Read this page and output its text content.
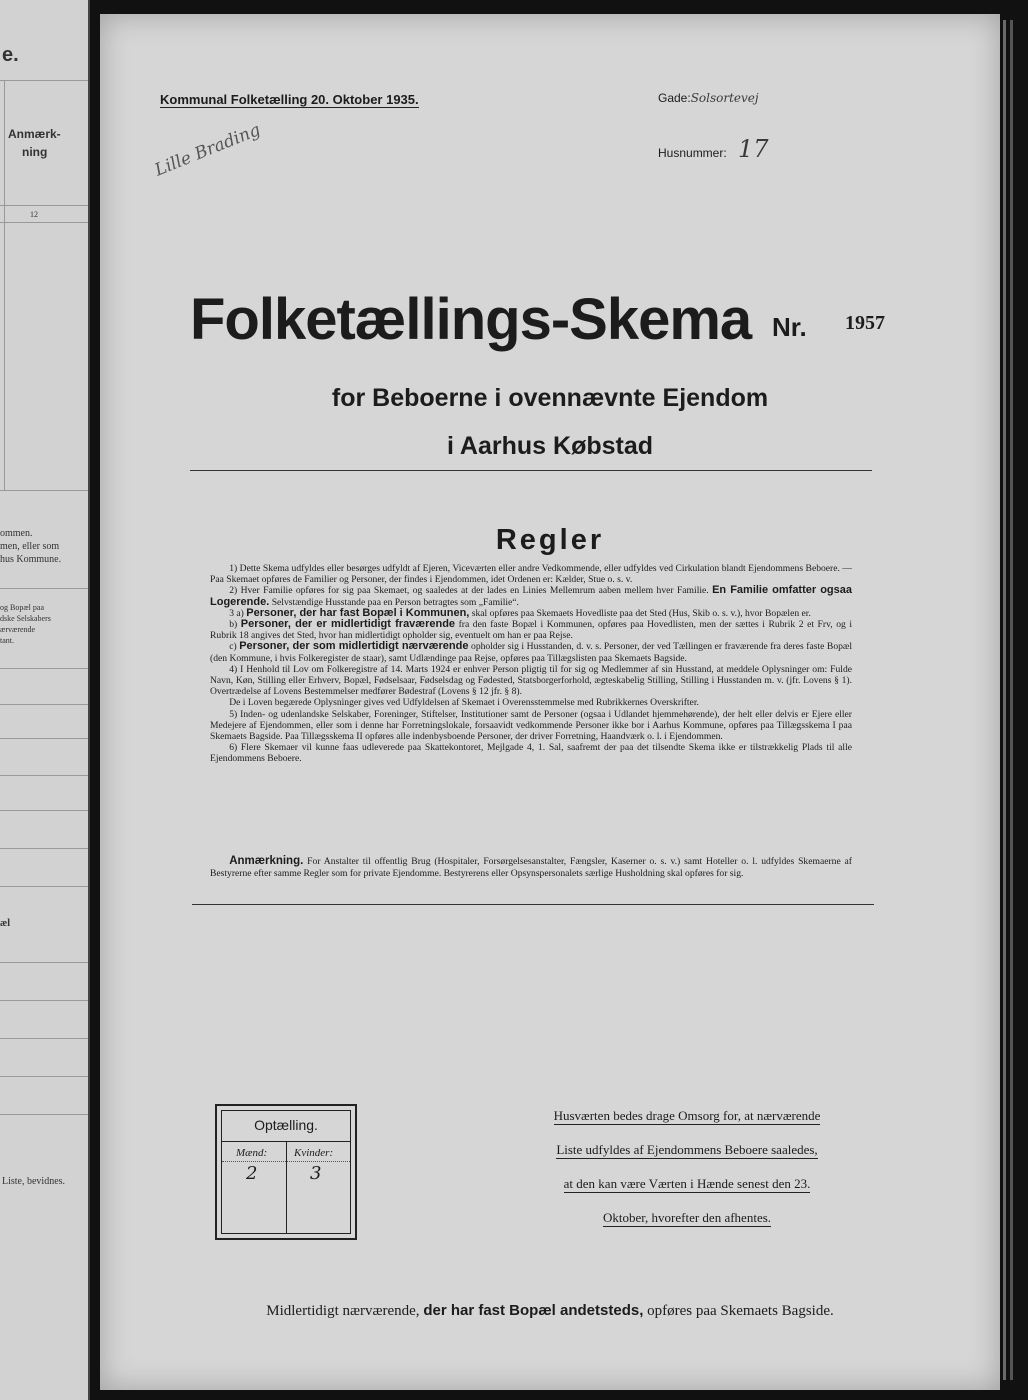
e.
Anmærk-
ning
12
ommen.
men, eller som
hus Kommune.
og Bopæl paa
dske Selskabers
ærværende
tant.
æl
Liste, bevidnes.
Kommunal Folketælling 20. Oktober 1935.	Gade:Solsortevej
Husnummer: 17
Lille Brading
Folketællings-Skema Nr. 1957
for Beboerne i ovennævnte Ejendom
i Aarhus Købstad
Regler

1) Dette Skema udfyldes eller besørges udfyldt af Ejeren, Viceværten eller andre Vedkommende, eller udfyldes ved Cirkulation blandt Ejendommens Beboere. — Paa Skemaet opføres de Familier og Personer, der findes i Ejendommen, idet Ordenen er: Kælder, Stue o. s. v.

2) Hver Familie opføres for sig paa Skemaet, og saaledes at der lades en Linies Mellemrum aaben mellem hver Familie. En Familie omfatter ogsaa Logerende. Selvstændige Husstande paa en Person betragtes som „Familie“.

3 a) Personer, der har fast Bopæl i Kommunen, skal opføres paa Skemaets Hovedliste paa det Sted (Hus, Skib o. s. v.), hvor Bopælen er.

b) Personer, der er midlertidigt fraværende fra den faste Bopæl i Kommunen, opføres paa Hovedlisten, men der sættes i Rubrik 2 et Frv, og i Rubrik 18 angives det Sted, hvor han midlertidigt opholder sig, eventuelt om han er paa Rejse.

c) Personer, der som midlertidigt nærværende opholder sig i Husstanden, d. v. s. Personer, der ved Tællingen er fraværende fra deres faste Bopæl (den Kommune, i hvis Folkeregister de staar), samt Udlændinge paa Rejse, opføres paa Tillægslisten paa Skemaets Bagside.

4) I Henhold til Lov om Folkeregistre af 14. Marts 1924 er enhver Person pligtig til for sig og Medlemmer af sin Husstand, at meddele Oplysninger om: Fulde Navn, Køn, Stilling eller Erhverv, Bopæl, Fødselsaar, Fødselsdag og Fødested, Statsborgerforhold, ægteskabelig Stilling, Stilling i Husstanden m. v. (jfr. Lovens § 1). Overtrædelse af Lovens Bestemmelser medfører Bødestraf (Lovens § 12 jfr. § 8).

De i Loven begærede Oplysninger gives ved Udfyldelsen af Skemaet i Overensstemmelse med Rubrikkernes Overskrifter.

5) Inden- og udenlandske Selskaber, Foreninger, Stiftelser, Institutioner samt de Personer (ogsaa i Udlandet hjemmehørende), der helt eller delvis er Ejere eller Medejere af Ejendommen, eller som i denne har Forretningslokale, forsaavidt vedkommende Personer ikke bor i Aarhus Kommune, opføres paa Tillægsskema I paa Skemaets Bagside. Paa Tillægsskema II opføres alle indenbysboende Personer, der driver Forretning, Haandværk o. l. i Ejendommen.

6) Flere Skemaer vil kunne faas udleverede paa Skattekontoret, Mejlgade 4, 1. Sal, saafremt der paa det tilsendte Skema ikke er tilstrækkelig Plads til alle Ejendommens Beboere.

Anmærkning. For Anstalter til offentlig Brug (Hospitaler, Forsørgelsesanstalter, Fængsler, Kaserner o. s. v.) samt Hoteller o. l. udfyldes Skemaerne af Bestyrerne efter samme Regler som for private Ejendomme. Bestyrerens eller Opsynspersonalets særlige Husholdning skal opføres for sig.
Optælling.
Mænd: Kvinder:
2	3
Husværten bedes drage Omsorg for, at nærværende
Liste udfyldes af Ejendommens Beboere saaledes,
at den kan være Værten i Hænde senest den 23.
Oktober, hvorefter den afhentes.
Midlertidigt nærværende, der har fast Bopæl andetsteds, opføres paa Skemaets Bagside.
